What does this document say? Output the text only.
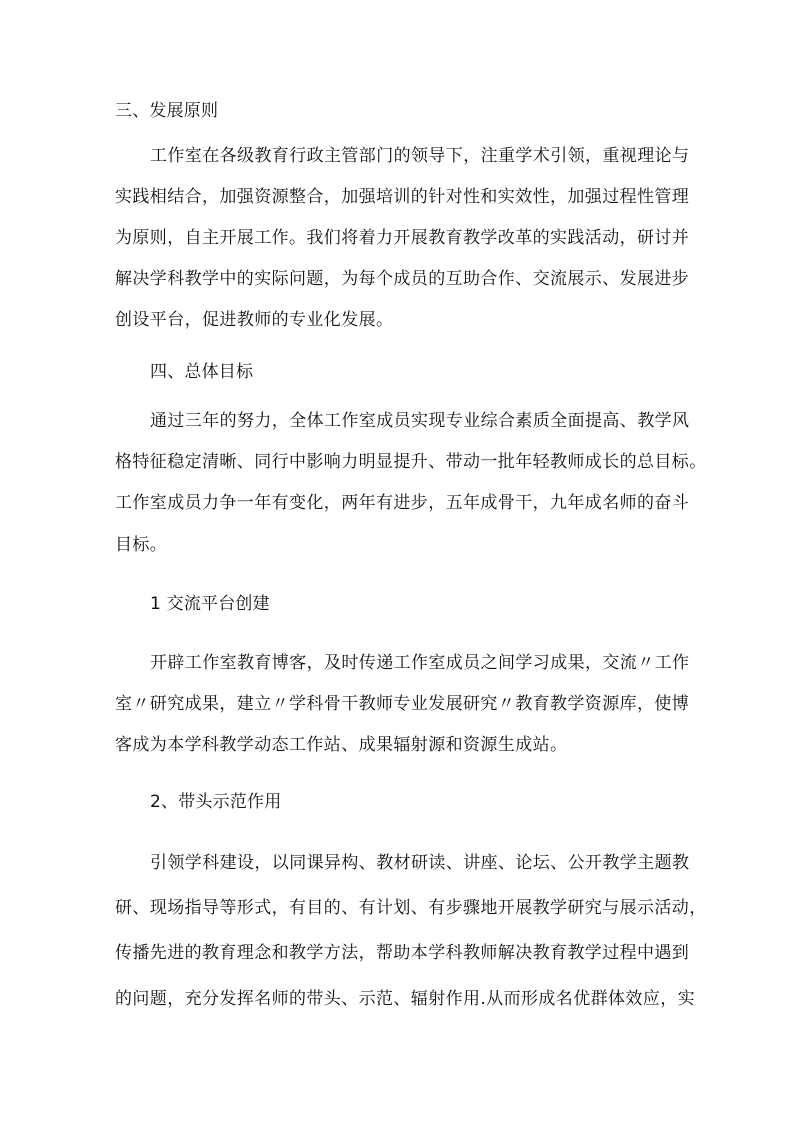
三、发展原则
工作室在各级教育行政主管部门的领导下，注重学术引领，重视理论与
实践相结合，加强资源整合，加强培训的针对性和实效性，加强过程性管理
为原则，自主开展工作。我们将着力开展教育教学改革的实践活动，研讨并
解决学科教学中的实际问题，为每个成员的互助合作、交流展示、发展进步
创设平台，促进教师的专业化发展。
四、总体目标
通过三年的努力，全体工作室成员实现专业综合素质全面提高、教学风
格特征稳定清晰、同行中影响力明显提升、带动一批年轻教师成长的总目标。
工作室成员力争一年有变化，两年有进步，五年成骨干，九年成名师的奋斗
目标。
1 交流平台创建
开辟工作室教育博客，及时传递工作室成员之间学习成果，交流〃工作
室〃研究成果，建立〃学科骨干教师专业发展研究〃教育教学资源库，使博
客成为本学科教学动态工作站、成果辐射源和资源生成站。
2、带头示范作用
引领学科建设，以同课异构、教材研读、讲座、论坛、公开教学主题教
研、现场指导等形式，有目的、有计划、有步骤地开展教学研究与展示活动，
传播先进的教育理念和教学方法，帮助本学科教师解决教育教学过程中遇到
的问题，充分发挥名师的带头、示范、辐射作用.从而形成名优群体效应，实
